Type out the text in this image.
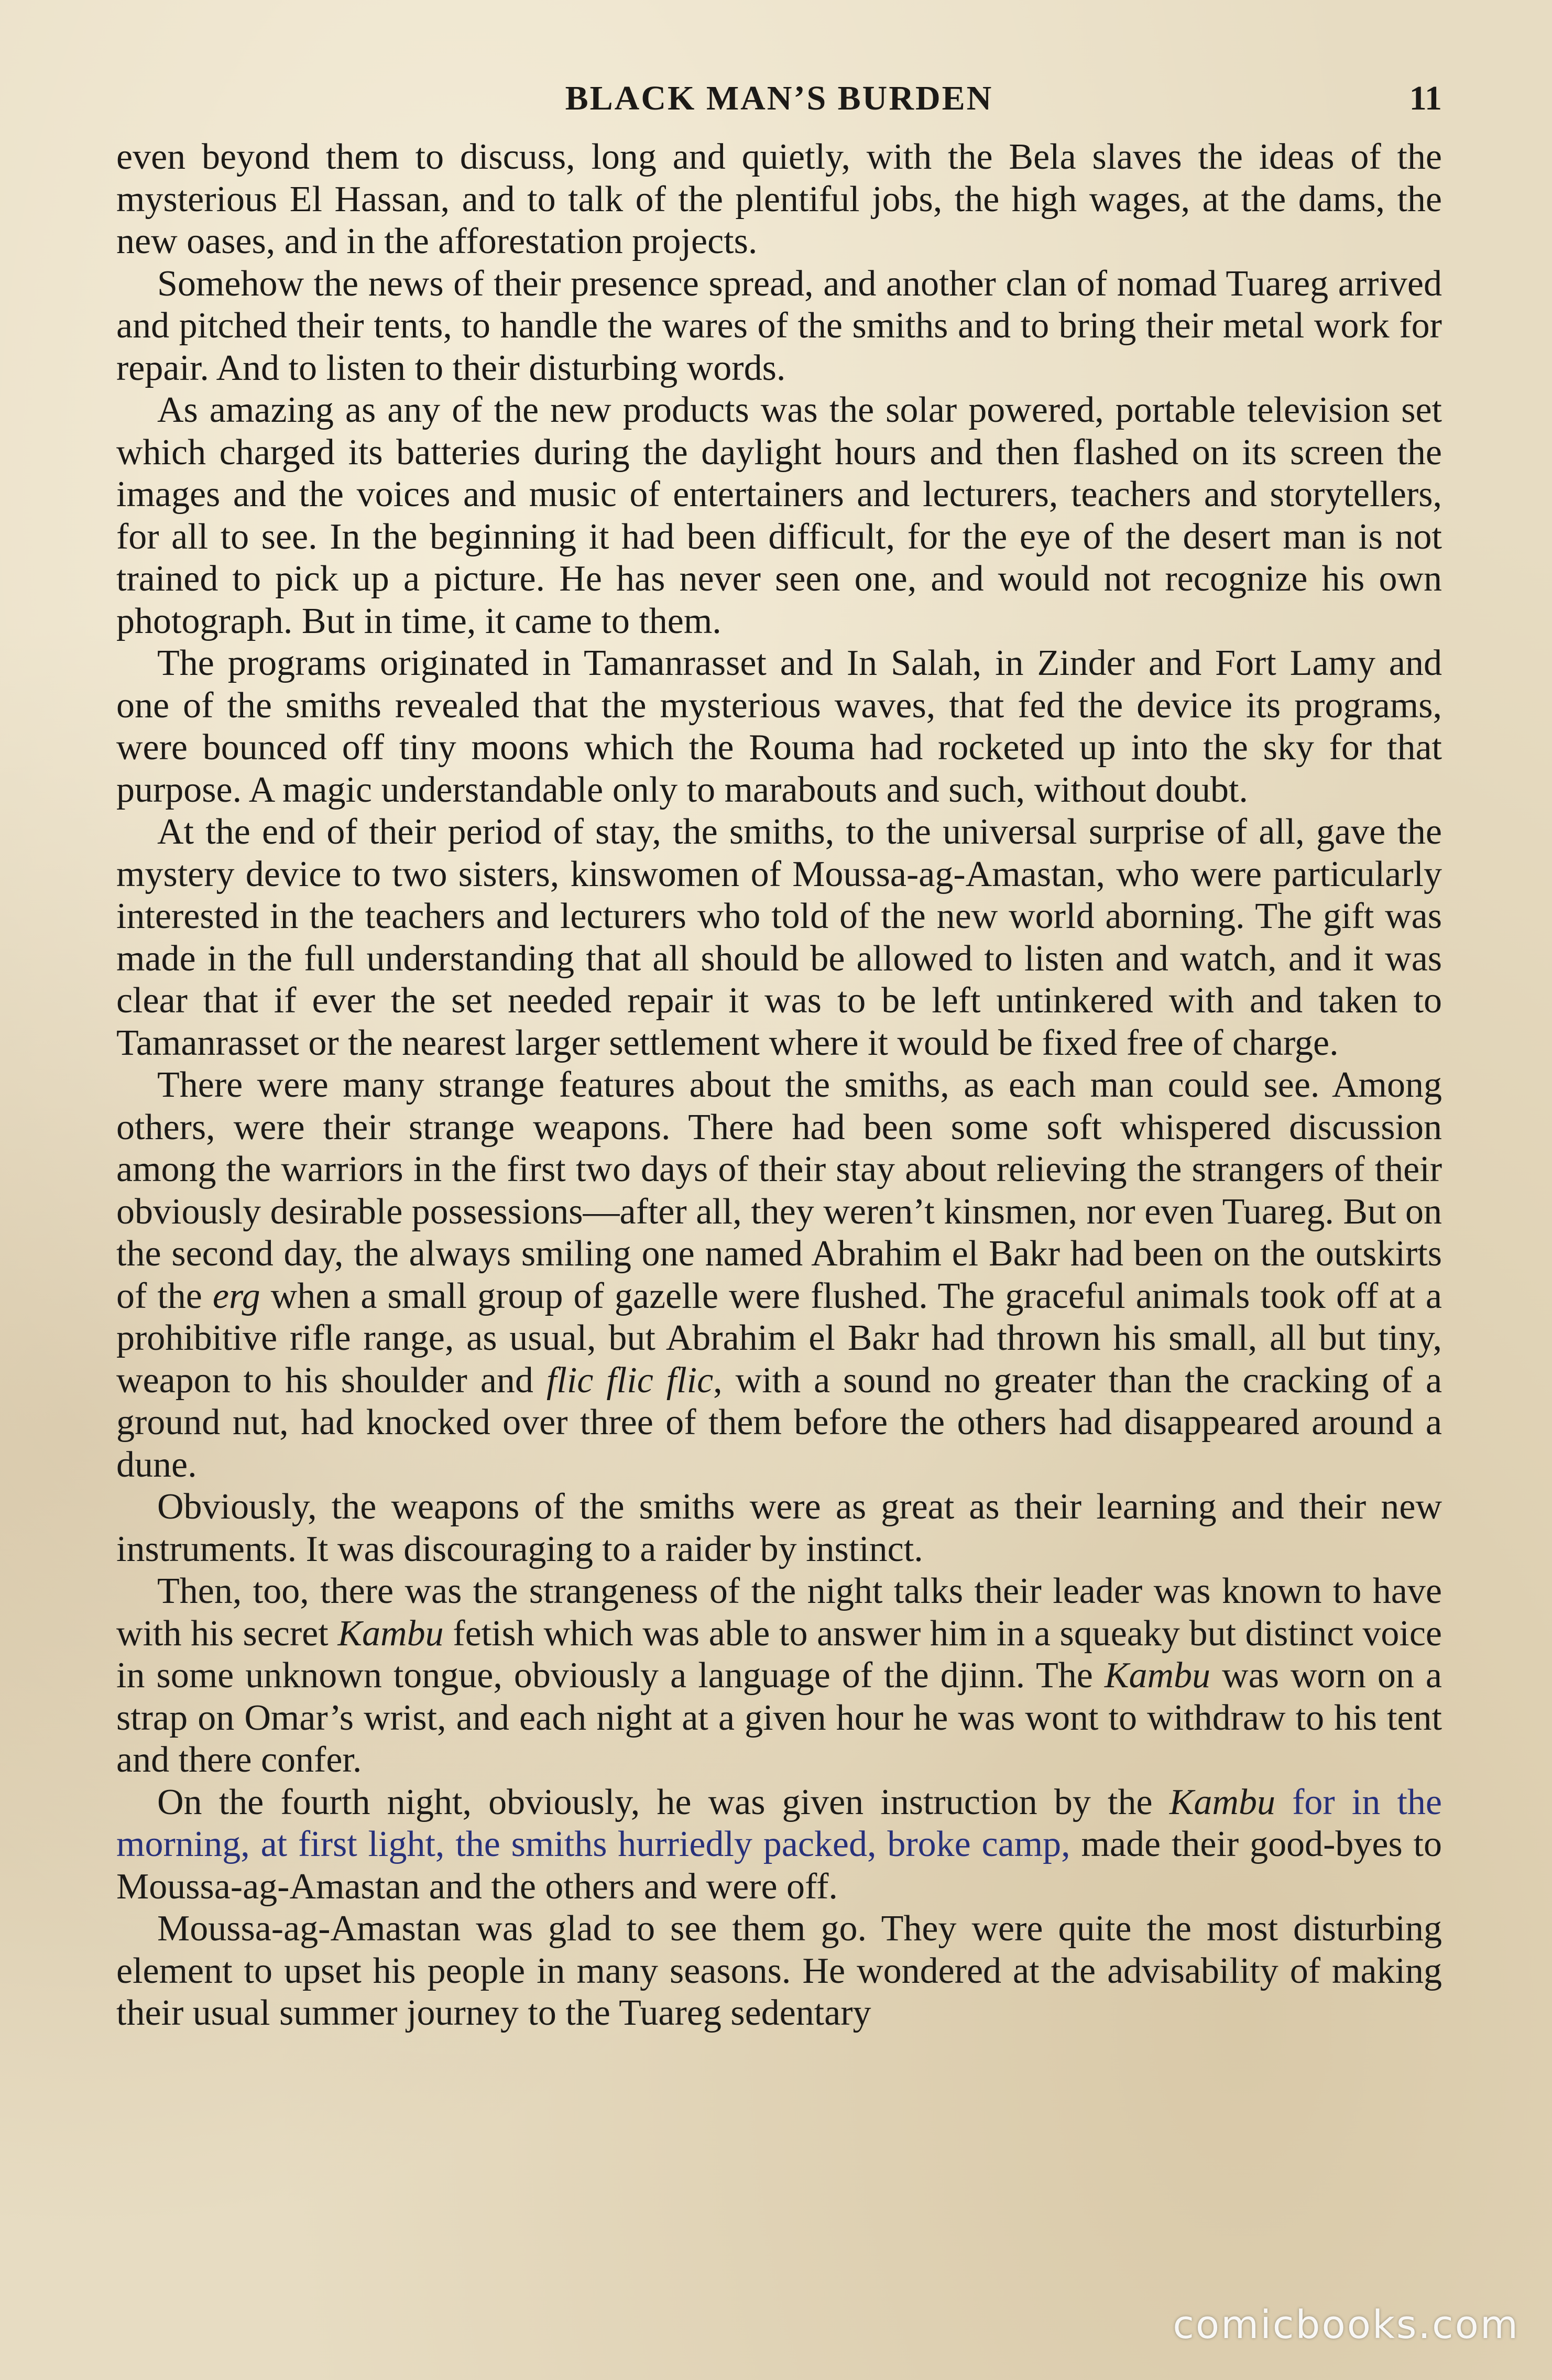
BLACK MAN’S BURDEN	11

even beyond them to discuss, long and quietly, with the Bela slaves the ideas of the mysterious El Hassan, and to talk of the plentiful jobs, the high wages, at the dams, the new oases, and in the afforestation projects.

Somehow the news of their presence spread, and another clan of nomad Tuareg arrived and pitched their tents, to handle the wares of the smiths and to bring their metal work for repair. And to listen to their disturbing words.

As amazing as any of the new products was the solar powered, portable television set which charged its batteries during the daylight hours and then flashed on its screen the images and the voices and music of entertainers and lecturers, teachers and storytellers, for all to see. In the beginning it had been difficult, for the eye of the desert man is not trained to pick up a picture. He has never seen one, and would not recognize his own photograph. But in time, it came to them.

The programs originated in Tamanrasset and In Salah, in Zinder and Fort Lamy and one of the smiths revealed that the mysterious waves, that fed the device its programs, were bounced off tiny moons which the Rouma had rocketed up into the sky for that purpose. A magic understandable only to marabouts and such, without doubt.

At the end of their period of stay, the smiths, to the universal surprise of all, gave the mystery device to two sisters, kinswomen of Moussa-ag-Amastan, who were particularly interested in the teachers and lecturers who told of the new world aborning. The gift was made in the full understanding that all should be allowed to listen and watch, and it was clear that if ever the set needed repair it was to be left untinkered with and taken to Tamanrasset or the nearest larger settlement where it would be fixed free of charge.

There were many strange features about the smiths, as each man could see. Among others, were their strange weapons. There had been some soft whispered discussion among the warriors in the first two days of their stay about relieving the strangers of their obviously desirable possessions—after all, they weren’t kinsmen, nor even Tuareg. But on the second day, the always smiling one named Abrahim el Bakr had been on the outskirts of the erg when a small group of gazelle were flushed. The graceful animals took off at a prohibitive rifle range, as usual, but Abrahim el Bakr had thrown his small, all but tiny, weapon to his shoulder and flic flic flic, with a sound no greater than the cracking of a ground nut, had knocked over three of them before the others had disappeared around a dune.

Obviously, the weapons of the smiths were as great as their learning and their new instruments. It was discouraging to a raider by instinct.

Then, too, there was the strangeness of the night talks their leader was known to have with his secret Kambu fetish which was able to answer him in a squeaky but distinct voice in some unknown tongue, obviously a language of the djinn. The Kambu was worn on a strap on Omar’s wrist, and each night at a given hour he was wont to withdraw to his tent and there confer.

On the fourth night, obviously, he was given instruction by the Kambu for in the morning, at first light, the smiths hurriedly packed, broke camp, made their good-byes to Moussa-ag-Amastan and the others and were off.

Moussa-ag-Amastan was glad to see them go. They were quite the most disturbing element to upset his people in many seasons. He wondered at the advisability of making their usual summer journey to the Tuareg sedentary

comicbooks.com
